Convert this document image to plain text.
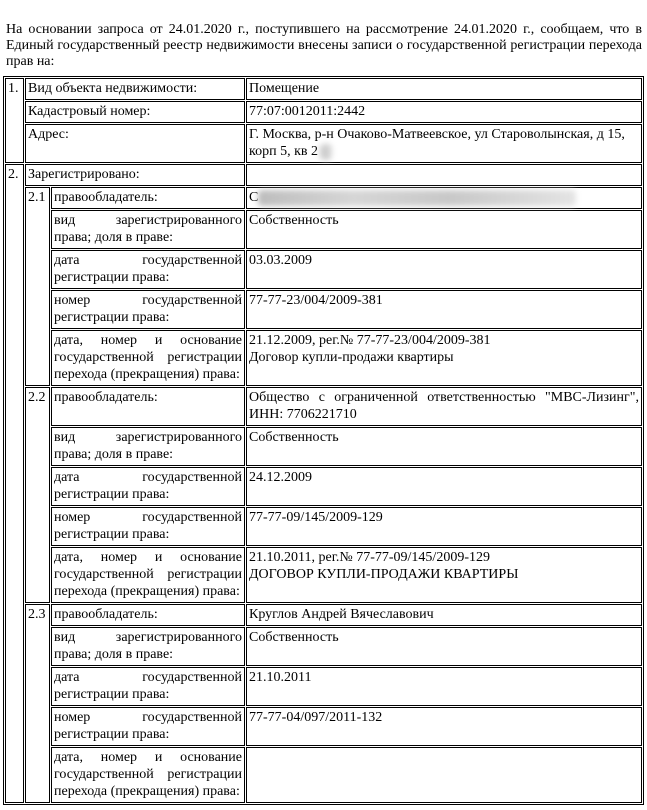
На основании запроса от 24.01.2020 г., поступившего на рассмотрение 24.01.2020 г., сообщаем, что в Единый государственный реестр недвижимости внесены записи о государственной регистрации перехода прав на:

1.	Вид объекта недвижимости:		Помещение
	Кадастровый номер:		77:07:0012011:2442
	Адрес:		Г. Москва, р-н Очаково-Матвеевское, ул Староволынская, д 15, корп 5, кв 2
2.	Зарегистрировано:		
	2.1	правообладатель:	С
		вид зарегистрированного права; доля в праве:	Собственность
		дата государственной регистрации права:	03.03.2009
		номер государственной регистрации права:	77-77-23/004/2009-381
		дата, номер и основание государственной регистрации перехода (прекращения) права:	21.12.2009, рег.№ 77-77-23/004/2009-381
Договор купли-продажи квартиры

	2.2	правообладатель:	Общество с ограниченной ответственностью "МВС-Лизинг", ИНН: 7706221710
		вид зарегистрированного права; доля в праве:	Собственность
		дата государственной регистрации права:	24.12.2009
		номер государственной регистрации права:	77-77-09/145/2009-129
		дата, номер и основание государственной регистрации перехода (прекращения) права:	21.10.2011, рег.№ 77-77-09/145/2009-129
ДОГОВОР КУПЛИ-ПРОДАЖИ КВАРТИРЫ

	2.3	правообладатель:	Круглов Андрей Вячеславович
		вид зарегистрированного права; доля в праве:	Собственность
		дата государственной регистрации права:	21.10.2011
		номер государственной регистрации права:	77-77-04/097/2011-132
		дата, номер и основание государственной регистрации перехода (прекращения) права:	
